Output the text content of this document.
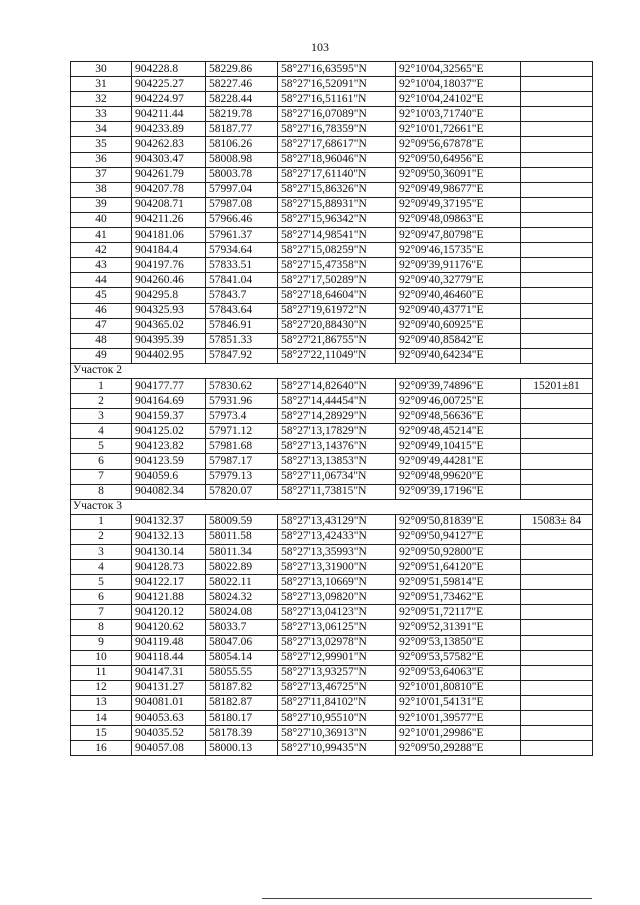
103
30	904228.8	58229.86	58°27'16,63595"N	92°10'04,32565"E	
31	904225.27	58227.46	58°27'16,52091"N	92°10'04,18037"E	
32	904224.97	58228.44	58°27'16,51161"N	92°10'04,24102"E	
33	904211.44	58219.78	58°27'16,07089"N	92°10'03,71740"E	
34	904233.89	58187.77	58°27'16,78359"N	92°10'01,72661"E	
35	904262.83	58106.26	58°27'17,68617"N	92°09'56,67878"E	
36	904303.47	58008.98	58°27'18,96046"N	92°09'50,64956"E	
37	904261.79	58003.78	58°27'17,61140"N	92°09'50,36091"E	
38	904207.78	57997.04	58°27'15,86326"N	92°09'49,98677"E	
39	904208.71	57987.08	58°27'15,88931"N	92°09'49,37195"E	
40	904211.26	57966.46	58°27'15,96342"N	92°09'48,09863"E	
41	904181.06	57961.37	58°27'14,98541"N	92°09'47,80798"E	
42	904184.4	57934.64	58°27'15,08259"N	92°09'46,15735"E	
43	904197.76	57833.51	58°27'15,47358"N	92°09'39,91176"E	
44	904260.46	57841.04	58°27'17,50289"N	92°09'40,32779"E	
45	904295.8	57843.7	58°27'18,64604"N	92°09'40,46460"E	
46	904325.93	57843.64	58°27'19,61972"N	92°09'40,43771"E	
47	904365.02	57846.91	58°27'20,88430"N	92°09'40,60925"E	
48	904395.39	57851.33	58°27'21,86755"N	92°09'40,85842"E	
49	904402.95	57847.92	58°27'22,11049"N	92°09'40,64234"E	
Участок 2					
1	904177.77	57830.62	58°27'14,82640"N	92°09'39,74896"E	15201±81
2	904164.69	57931.96	58°27'14,44454"N	92°09'46,00725"E	
3	904159.37	57973.4	58°27'14,28929"N	92°09'48,56636"E	
4	904125.02	57971.12	58°27'13,17829"N	92°09'48,45214"E	
5	904123.82	57981.68	58°27'13,14376"N	92°09'49,10415"E	
6	904123.59	57987.17	58°27'13,13853"N	92°09'49,44281"E	
7	904059.6	57979.13	58°27'11,06734"N	92°09'48,99620"E	
8	904082.34	57820.07	58°27'11,73815"N	92°09'39,17196"E	
Участок 3					
1	904132.37	58009.59	58°27'13,43129"N	92°09'50,81839"E	15083± 84
2	904132.13	58011.58	58°27'13,42433"N	92°09'50,94127"E	
3	904130.14	58011.34	58°27'13,35993"N	92°09'50,92800"E	
4	904128.73	58022.89	58°27'13,31900"N	92°09'51,64120"E	
5	904122.17	58022.11	58°27'13,10669"N	92°09'51,59814"E	
6	904121.88	58024.32	58°27'13,09820"N	92°09'51,73462"E	
7	904120.12	58024.08	58°27'13,04123"N	92°09'51,72117"E	
8	904120.62	58033.7	58°27'13,06125"N	92°09'52,31391"E	
9	904119.48	58047.06	58°27'13,02978"N	92°09'53,13850"E	
10	904118.44	58054.14	58°27'12,99901"N	92°09'53,57582"E	
11	904147.31	58055.55	58°27'13,93257"N	92°09'53,64063"E	
12	904131.27	58187.82	58°27'13,46725"N	92°10'01,80810"E	
13	904081.01	58182.87	58°27'11,84102"N	92°10'01,54131"E	
14	904053.63	58180.17	58°27'10,95510"N	92°10'01,39577"E	
15	904035.52	58178.39	58°27'10,36913"N	92°10'01,29986"E	
16	904057.08	58000.13	58°27'10,99435"N	92°09'50,29288"E	
